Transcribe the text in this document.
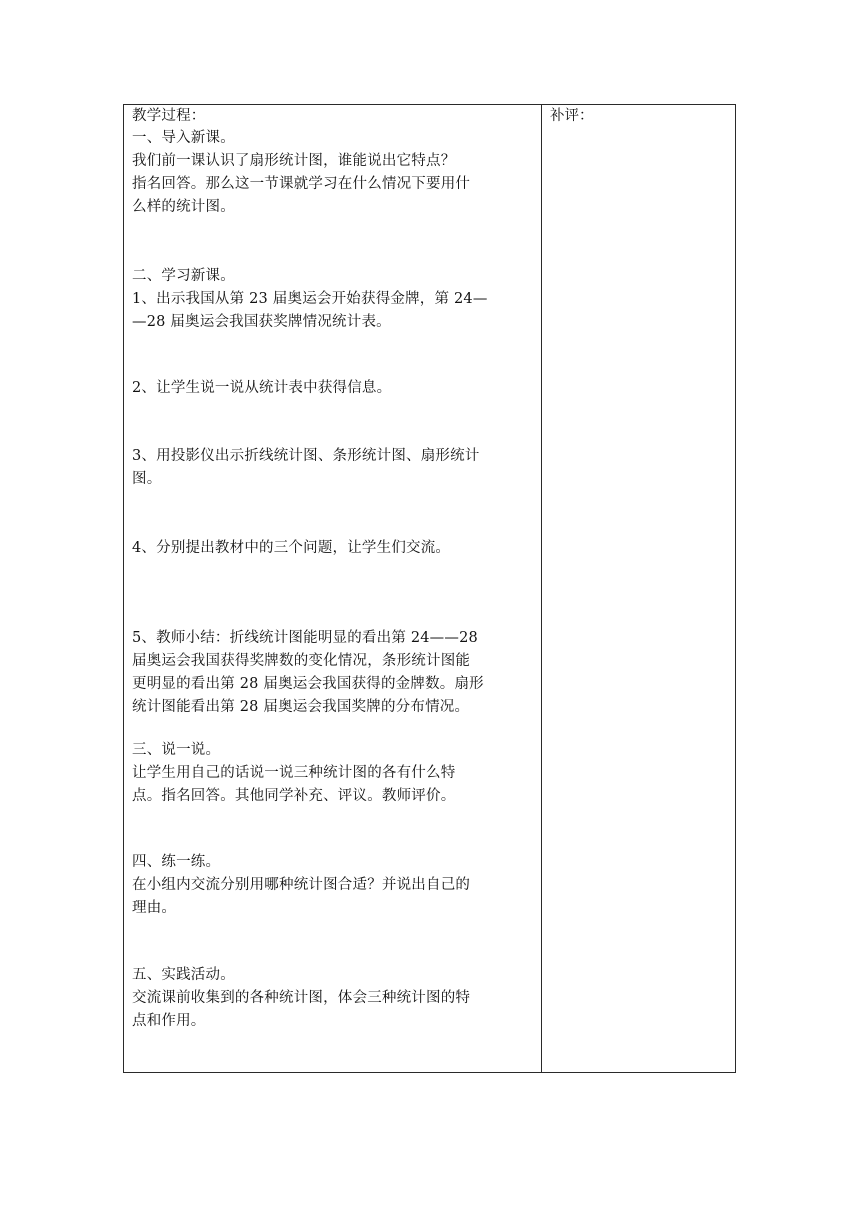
教学过程：
一、导入新课。
我们前一课认识了扇形统计图，谁能说出它特点？
指名回答。那么这一节课就学习在什么情况下要用什
么样的统计图。
二、学习新课。
1、出示我国从第 23 届奥运会开始获得金牌，第 24—
—28 届奥运会我国获奖牌情况统计表。
2、让学生说一说从统计表中获得信息。
3、用投影仪出示折线统计图、条形统计图、扇形统计
图。
4、分别提出教材中的三个问题，让学生们交流。
5、教师小结：折线统计图能明显的看出第 24——28
届奥运会我国获得奖牌数的变化情况，条形统计图能
更明显的看出第 28 届奥运会我国获得的金牌数。扇形
统计图能看出第 28 届奥运会我国奖牌的分布情况。
三、说一说。
让学生用自己的话说一说三种统计图的各有什么特
点。指名回答。其他同学补充、评议。教师评价。
四、练一练。
在小组内交流分别用哪种统计图合适？并说出自己的
理由。
五、实践活动。
交流课前收集到的各种统计图，体会三种统计图的特
点和作用。
补评：
